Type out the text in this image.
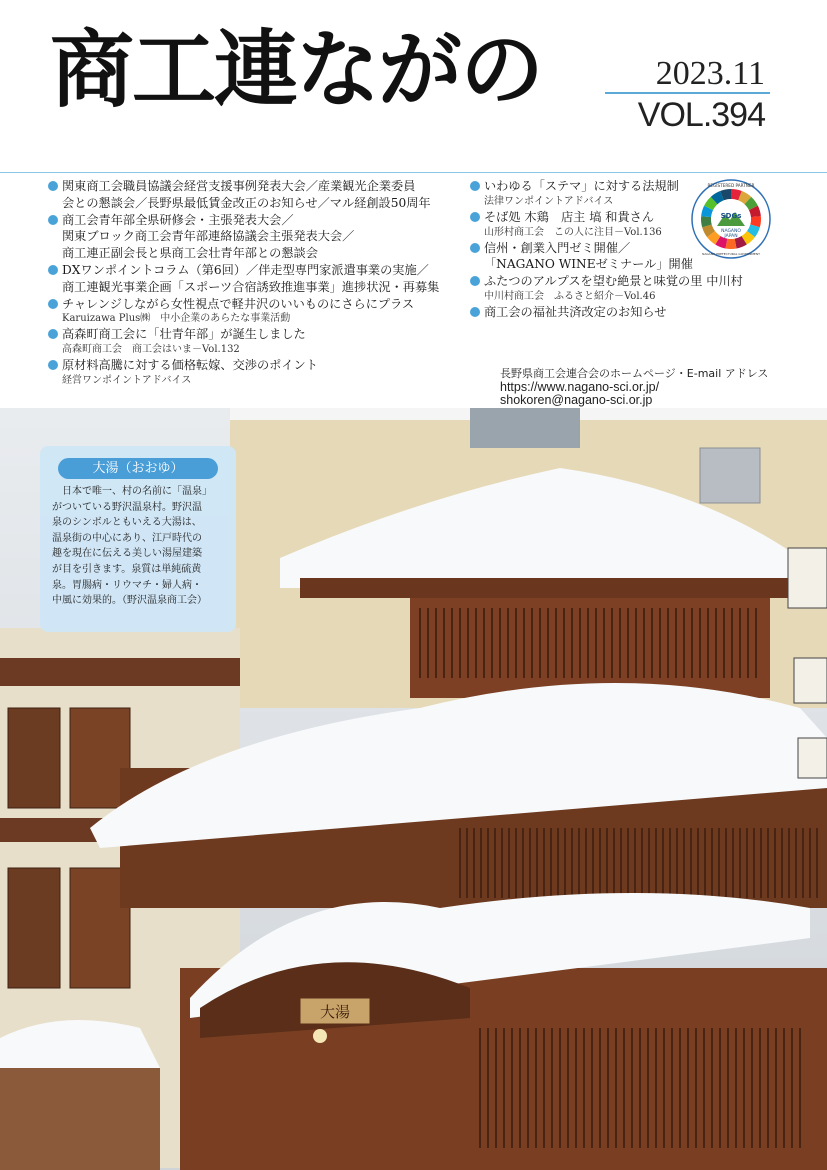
商工連ながの	2023.11
VOL.394
関東商工会職員協議会経営支援事例発表大会／産業観光企業委員
会との懇談会／長野県最低賃金改正のお知らせ／マル経創設50周年
商工会青年部全県研修会・主張発表大会／
関東ブロック商工会青年部連絡協議会主張発表大会／
商工連正副会長と県商工会壮青年部との懇談会
DXワンポイントコラム（第6回）／伴走型専門家派遣事業の実施／
商工連観光事業企画「スポーツ合宿誘致推進事業」進捗状況・再募集
チャレンジしながら女性視点で軽井沢のいいものにさらにプラス
Karuizawa Plus㈱　中小企業のあらたな事業活動
高森町商工会に「壮青年部」が誕生しました
高森町商工会　商工会はいま－Vol.132
原材料高騰に対する価格転嫁、交渉のポイント
経営ワンポイントアドバイス
いわゆる「ステマ」に対する法規制
法律ワンポイントアドバイス
そば処 木鶏　店主 塙 和貴さん
山形村商工会　この人に注目－Vol.136
信州・創業入門ゼミ開催／
「NAGANO WINEゼミナール」開催
ふたつのアルプスを望む絶景と味覚の里 中川村
中川村商工会　ふるさと紹介－Vol.46
商工会の福祉共済改定のお知らせ
SDGs
NAGANO
JAPAN
REGISTERED PARTNER
NAGANO PREFECTURAL GOVERNMENT
長野県商工会連合会のホームページ・E-mail アドレス
https://www.nagano-sci.or.jp/
shokoren@nagano-sci.or.jp
大湯
大湯（おおゆ）
　日本で唯一、村の名前に「温泉」
がついている野沢温泉村。野沢温
泉のシンボルともいえる大湯は、
温泉街の中心にあり、江戸時代の
趣を現在に伝える美しい湯屋建築
が目を引きます。泉質は単純硫黄
泉。胃腸病・リウマチ・婦人病・
中風に効果的。（野沢温泉商工会）
